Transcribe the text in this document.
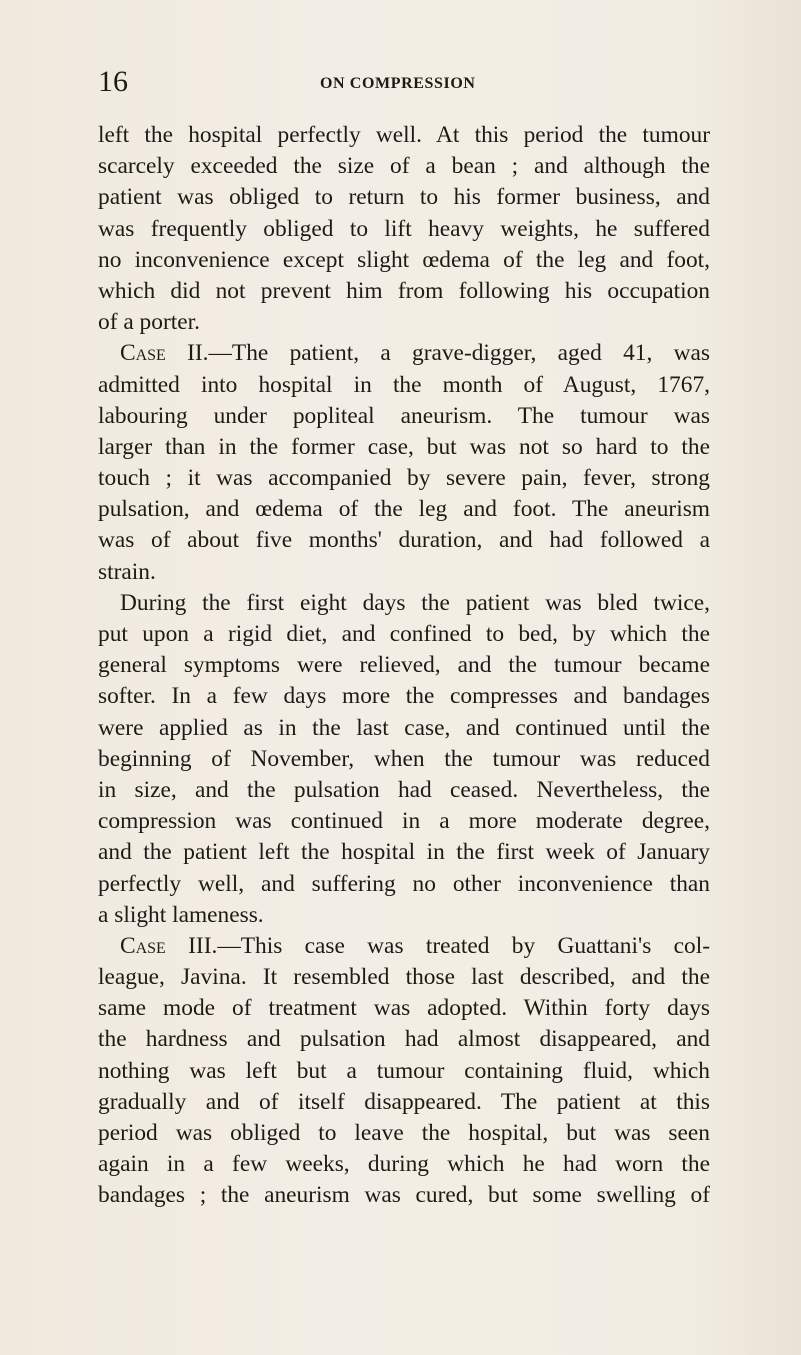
16	ON COMPRESSION
left the hospital perfectly well. At this period the tumour
scarcely exceeded the size of a bean ; and although the
patient was obliged to return to his former business, and
was frequently obliged to lift heavy weights, he suffered
no inconvenience except slight œdema of the leg and foot,
which did not prevent him from following his occupation
of a porter.
Case II.—The patient, a grave-digger, aged 41, was
admitted into hospital in the month of August, 1767,
labouring under popliteal aneurism. The tumour was
larger than in the former case, but was not so hard to the
touch ; it was accompanied by severe pain, fever, strong
pulsation, and œdema of the leg and foot. The aneurism
was of about five months' duration, and had followed a
strain.
During the first eight days the patient was bled twice,
put upon a rigid diet, and confined to bed, by which the
general symptoms were relieved, and the tumour became
softer. In a few days more the compresses and bandages
were applied as in the last case, and continued until the
beginning of November, when the tumour was reduced
in size, and the pulsation had ceased. Nevertheless, the
compression was continued in a more moderate degree,
and the patient left the hospital in the first week of January
perfectly well, and suffering no other inconvenience than
a slight lameness.
Case III.—This case was treated by Guattani's col-
league, Javina. It resembled those last described, and the
same mode of treatment was adopted. Within forty days
the hardness and pulsation had almost disappeared, and
nothing was left but a tumour containing fluid, which
gradually and of itself disappeared. The patient at this
period was obliged to leave the hospital, but was seen
again in a few weeks, during which he had worn the
bandages ; the aneurism was cured, but some swelling of
